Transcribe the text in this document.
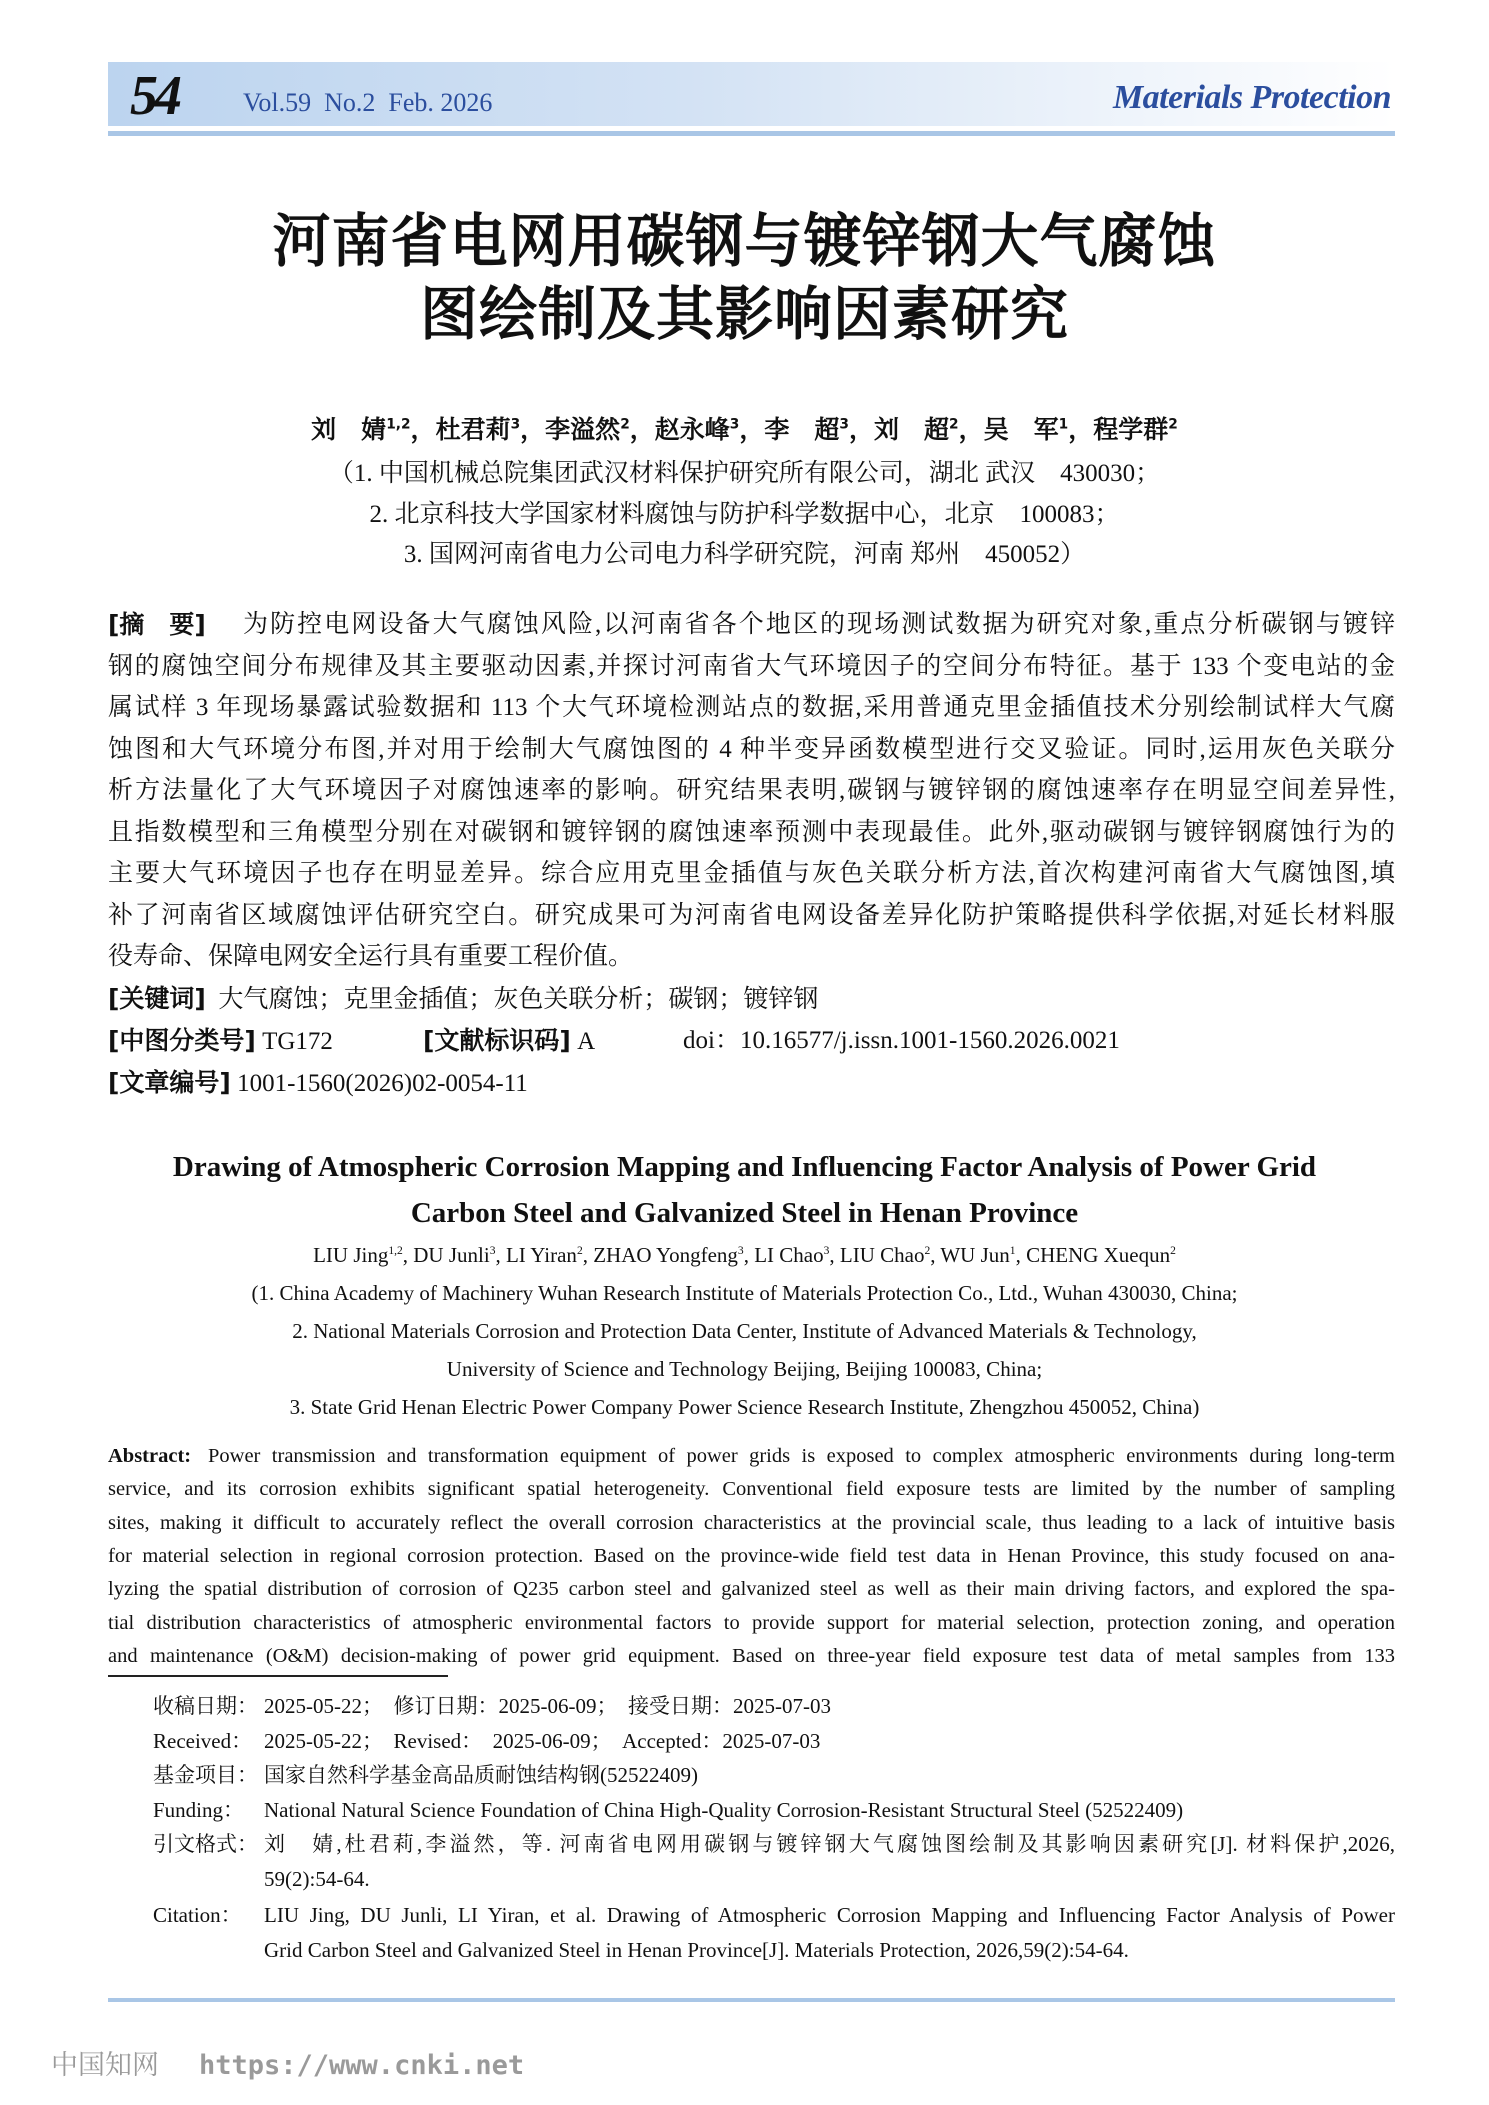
54	Vol.59  No.2  Feb. 2026	Materials Protection
河南省电网用碳钢与镀锌钢大气腐蚀
图绘制及其影响因素研究
刘　婧$^{1,2}$，杜君莉$^3$，李溢然$^2$，赵永峰$^3$，李　超$^3$，刘　超$^2$，吴　军$^1$，程学群$^2$
（1. 中国机械总院集团武汉材料保护研究所有限公司，湖北 武汉　430030；
2. 北京科技大学国家材料腐蚀与防护科学数据中心，北京　100083；
3. 国网河南省电力公司电力科学研究院，河南 郑州　450052）
[摘　要] 为防控电网设备大气腐蚀风险,以河南省各个地区的现场测试数据为研究对象,重点分析碳钢与镀锌
钢的腐蚀空间分布规律及其主要驱动因素,并探讨河南省大气环境因子的空间分布特征。基于 133 个变电站的金
属试样 3 年现场暴露试验数据和 113 个大气环境检测站点的数据,采用普通克里金插值技术分别绘制试样大气腐
蚀图和大气环境分布图,并对用于绘制大气腐蚀图的 4 种半变异函数模型进行交叉验证。同时,运用灰色关联分
析方法量化了大气环境因子对腐蚀速率的影响。研究结果表明,碳钢与镀锌钢的腐蚀速率存在明显空间差异性,
且指数模型和三角模型分别在对碳钢和镀锌钢的腐蚀速率预测中表现最佳。此外,驱动碳钢与镀锌钢腐蚀行为的
主要大气环境因子也存在明显差异。综合应用克里金插值与灰色关联分析方法,首次构建河南省大气腐蚀图,填
补了河南省区域腐蚀评估研究空白。研究成果可为河南省电网设备差异化防护策略提供科学依据,对延长材料服
役寿命、保障电网安全运行具有重要工程价值。
[关键词] 大气腐蚀；克里金插值；灰色关联分析；碳钢；镀锌钢
[中图分类号] TG172	[文献标识码] A	doi：10.16577/j.issn.1001-1560.2026.0021
[文章编号] 1001-1560(2026)02-0054-11
Drawing of Atmospheric Corrosion Mapping and Influencing Factor Analysis of Power Grid
Carbon Steel and Galvanized Steel in Henan Province
LIU Jing$^{1,2}$, DU Junli$^3$, LI Yiran$^2$, ZHAO Yongfeng$^3$, LI Chao$^3$, LIU Chao$^2$, WU Jun$^1$, CHENG Xuequn$^2$
(1. China Academy of Machinery Wuhan Research Institute of Materials Protection Co., Ltd., Wuhan 430030, China;
2. National Materials Corrosion and Protection Data Center, Institute of Advanced Materials & Technology,
University of Science and Technology Beijing, Beijing 100083, China;
3. State Grid Henan Electric Power Company Power Science Research Institute, Zhengzhou 450052, China)
Abstract: Power transmission and transformation equipment of power grids is exposed to complex atmospheric environments during long-term
service, and its corrosion exhibits significant spatial heterogeneity. Conventional field exposure tests are limited by the number of sampling
sites, making it difficult to accurately reflect the overall corrosion characteristics at the provincial scale, thus leading to a lack of intuitive basis
for material selection in regional corrosion protection. Based on the province-wide field test data in Henan Province, this study focused on ana-
lyzing the spatial distribution of corrosion of Q235 carbon steel and galvanized steel as well as their main driving factors, and explored the spa-
tial distribution characteristics of atmospheric environmental factors to provide support for material selection, protection zoning, and operation
and maintenance (O&M) decision-making of power grid equipment. Based on three-year field exposure test data of metal samples from 133
收稿日期： 2025-05-22；　修订日期：2025-06-09；　接受日期：2025-07-03
Received： 2025-05-22；　Revised：　2025-06-09；　Accepted：2025-07-03
基金项目： 国家自然科学基金高品质耐蚀结构钢(52522409)
Funding： National Natural Science Foundation of China High-Quality Corrosion-Resistant Structural Steel (52522409)
引文格式： 刘　婧,杜君莉,李溢然，等. 河南省电网用碳钢与镀锌钢大气腐蚀图绘制及其影响因素研究[J]. 材料保护,2026,
59(2):54-64.
Citation： LIU Jing, DU Junli, LI Yiran, et al. Drawing of Atmospheric Corrosion Mapping and Influencing Factor Analysis of Power
Grid Carbon Steel and Galvanized Steel in Henan Province[J]. Materials Protection, 2026,59(2):54-64.
中国知网 https://www.cnki.net
